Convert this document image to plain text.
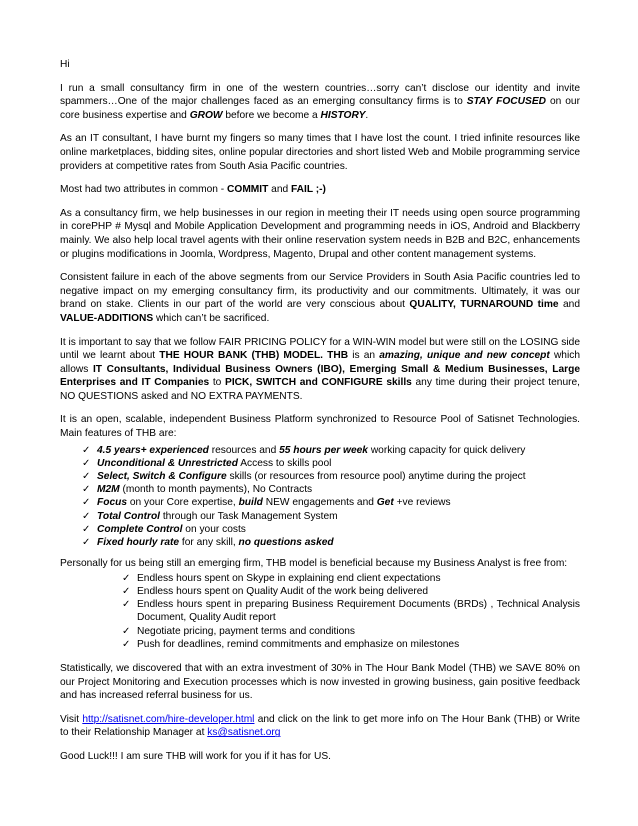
Hi

I run a small consultancy firm in one of the western countries…sorry can’t disclose our identity and invite spammers…One of the major challenges faced as an emerging consultancy firms is to STAY FOCUSED on our core business expertise and GROW before we become a HISTORY.

As an IT consultant, I have burnt my fingers so many times that I have lost the count. I tried infinite resources like online marketplaces, bidding sites, online popular directories and short listed Web and Mobile programming service providers at competitive rates from South Asia Pacific countries.

Most had two attributes in common - COMMIT and FAIL ;-)

As a consultancy firm, we help businesses in our region in meeting their IT needs using open source programming in corePHP # Mysql and Mobile Application Development and programming needs in iOS, Android and Blackberry mainly. We also help local travel agents with their online reservation system needs in B2B and B2C, enhancements or plugins modifications in Joomla, Wordpress, Magento, Drupal and other content management systems.

Consistent failure in each of the above segments from our Service Providers in South Asia Pacific countries led to negative impact on my emerging consultancy firm, its productivity and our commitments. Ultimately, it was our brand on stake. Clients in our part of the world are very conscious about QUALITY, TURNAROUND time and VALUE-ADDITIONS which can’t be sacrificed.

It is important to say that we follow FAIR PRICING POLICY for a WIN-WIN model but were still on the LOSING side until we learnt about THE HOUR BANK (THB) MODEL. THB is an amazing, unique and new concept which allows IT Consultants, Individual Business Owners (IBO), Emerging Small & Medium Businesses, Large Enterprises and IT Companies to PICK, SWITCH and CONFIGURE skills any time during their project tenure, NO QUESTIONS asked and NO EXTRA PAYMENTS.

It is an open, scalable, independent Business Platform synchronized to Resource Pool of Satisnet Technologies. Main features of THB are:

✓ 4.5 years+ experienced resources and 55 hours per week working capacity for quick delivery
✓ Unconditional & Unrestricted Access to skills pool
✓ Select, Switch & Configure skills (or resources from resource pool) anytime during the project
✓ M2M (month to month payments), No Contracts
✓ Focus on your Core expertise, build NEW engagements and Get +ve reviews
✓ Total Control through our Task Management System
✓ Complete Control on your costs
✓ Fixed hourly rate for any skill, no questions asked

Personally for us being still an emerging firm, THB model is beneficial because my Business Analyst is free from:

✓ Endless hours spent on Skype in explaining end client expectations
✓ Endless hours spent on Quality Audit of the work being delivered
✓ Endless hours spent in preparing Business Requirement Documents (BRDs) , Technical Analysis Document, Quality Audit report
✓ Negotiate pricing, payment terms and conditions
✓ Push for deadlines, remind commitments and emphasize on milestones

Statistically, we discovered that with an extra investment of 30% in The Hour Bank Model (THB) we SAVE 80% on our Project Monitoring and Execution processes which is now invested in growing business, gain positive feedback and has increased referral business for us.

Visit http://satisnet.com/hire-developer.html and click on the link to get more info on The Hour Bank (THB) or Write to their Relationship Manager at ks@satisnet.org

Good Luck!!! I am sure THB will work for you if it has for US.
